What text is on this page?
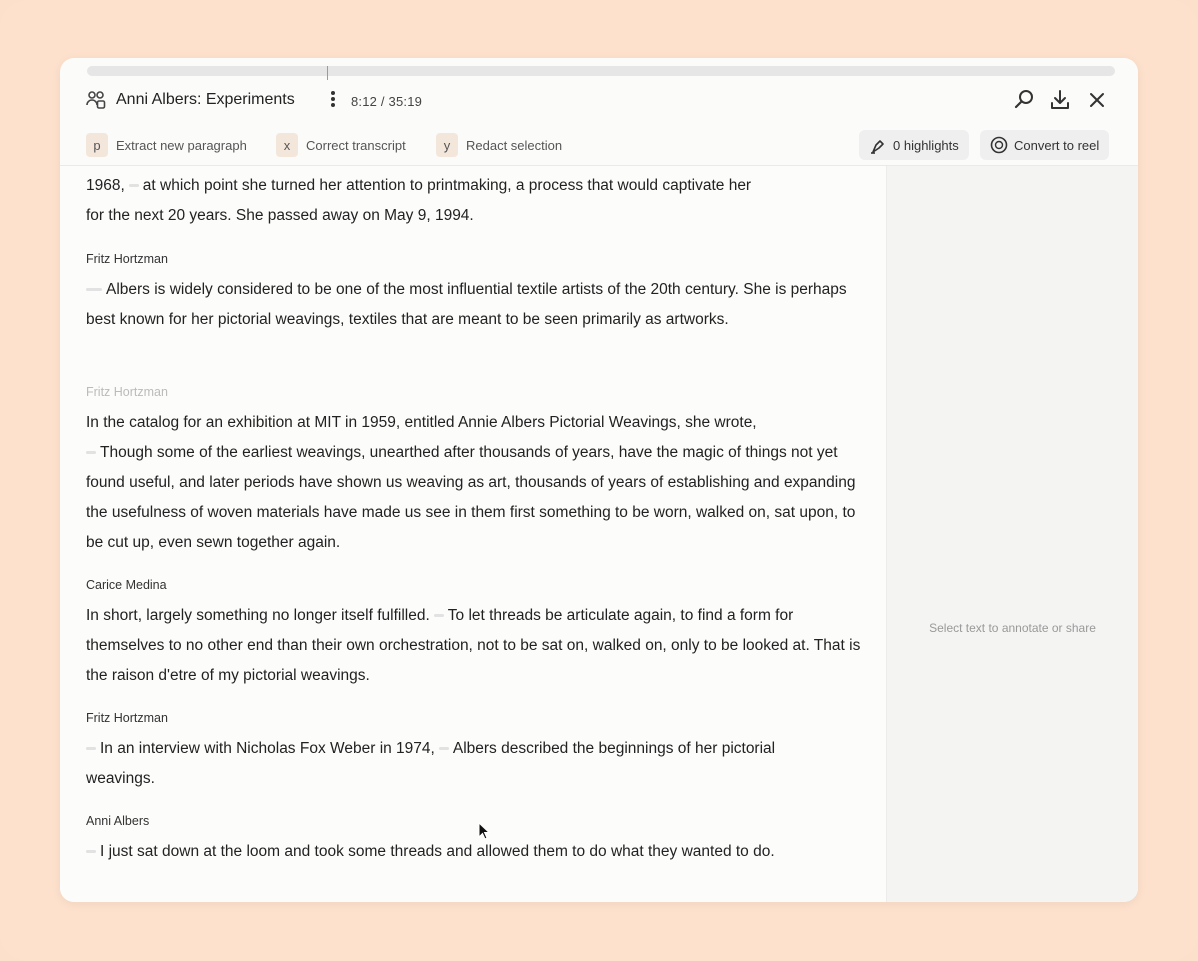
Anni Albers: Experiments	8:12 / 35:19
p	Extract new paragraph	x	Correct transcript	y	Redact selection	0 highlights	Convert to reel
1968, at which point she turned her attention to printmaking, a process that would captivate her
for the next 20 years. She passed away on May 9, 1994.
Fritz Hortzman
Albers is widely considered to be one of the most influential textile artists of the 20th century. She is perhaps best known for her pictorial weavings, textiles that are meant to be seen primarily as artworks.
Fritz Hortzman
In the catalog for an exhibition at MIT in 1959, entitled Annie Albers Pictorial Weavings, she wrote,
Though some of the earliest weavings, unearthed after thousands of years, have the magic of things not yet found useful, and later periods have shown us weaving as art, thousands of years of establishing and expanding the usefulness of woven materials have made us see in them first something to be worn, walked on, sat upon, to be cut up, even sewn together again.
Carice Medina
In short, largely something no longer itself fulfilled. To let threads be articulate again, to find a form for themselves to no other end than their own orchestration, not to be sat on, walked on, only to be looked at. That is the raison d'etre of my pictorial weavings.
Fritz Hortzman
In an interview with Nicholas Fox Weber in 1974, Albers described the beginnings of her pictorial weavings.
Anni Albers
I just sat down at the loom and took some threads and allowed them to do what they wanted to do.
Select text to annotate or share
